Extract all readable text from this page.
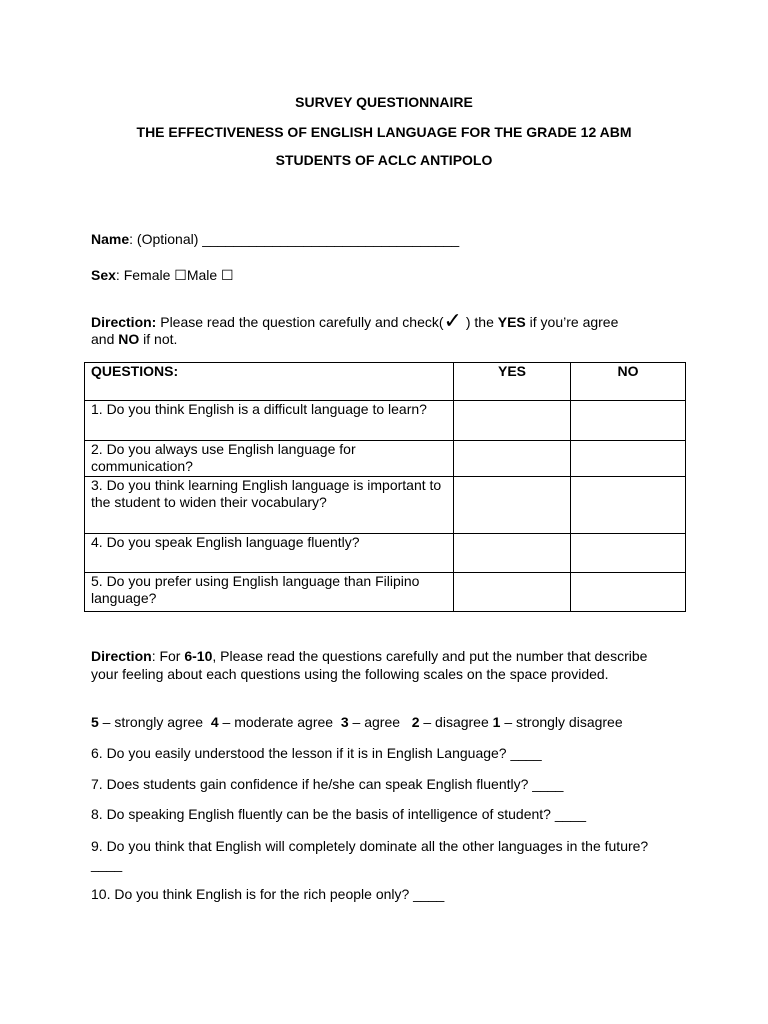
SURVEY QUESTIONNAIRE

THE EFFECTIVENESS OF ENGLISH LANGUAGE FOR THE GRADE 12 ABM

STUDENTS OF ACLC ANTIPOLO

Name: (Optional) _________________________________

Sex: Female ☐Male ☐

Direction: Please read the question carefully and check(✓ ) the YES if you’re agree

and NO if not.

QUESTIONS:	YES	NO
1. Do you think English is a difficult language to learn?		
2. Do you always use English language for communication?		
3. Do you think learning English language is important to the student to widen their vocabulary?		
4. Do you speak English language fluently?		
5. Do you prefer using English language than Filipino language?		

Direction: For 6-10, Please read the questions carefully and put the number that describe your feeling about each questions using the following scales on the space provided.

5 – strongly agree  4 – moderate agree  3 – agree   2 – disagree 1 – strongly disagree

6. Do you easily understood the lesson if it is in English Language? ____

7. Does students gain confidence if he/she can speak English fluently? ____

8. Do speaking English fluently can be the basis of intelligence of student? ____

9. Do you think that English will completely dominate all the other languages in the future? ____

10. Do you think English is for the rich people only? ____
